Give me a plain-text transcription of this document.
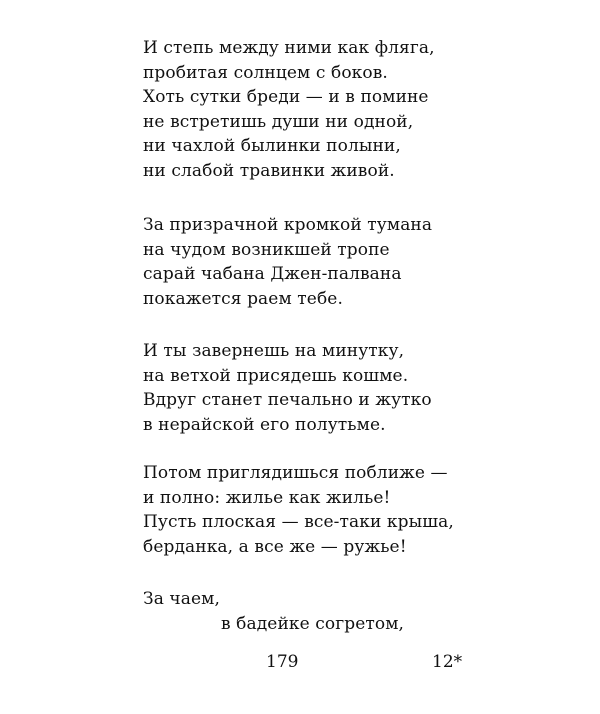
И степь между ними как фляга,
пробитая солнцем с боков.
Хоть сутки бреди — и в помине
не встретишь души ни одной,
ни чахлой былинки полыни,
ни слабой травинки живой.
За призрачной кромкой тумана
на чудом возникшей тропе
сарай чабана Джен-палвана
покажется раем тебе.
И ты завернешь на минутку,
на ветхой присядешь кошме.
Вдруг станет печально и жутко
в нерайской его полутьме.
Потом приглядишься поближе —
и полно: жилье как жилье!
Пусть плоская — все-таки крыша,
берданка, а все же — ружье!
За чаем,
в бадейке согретом,
179	12*
